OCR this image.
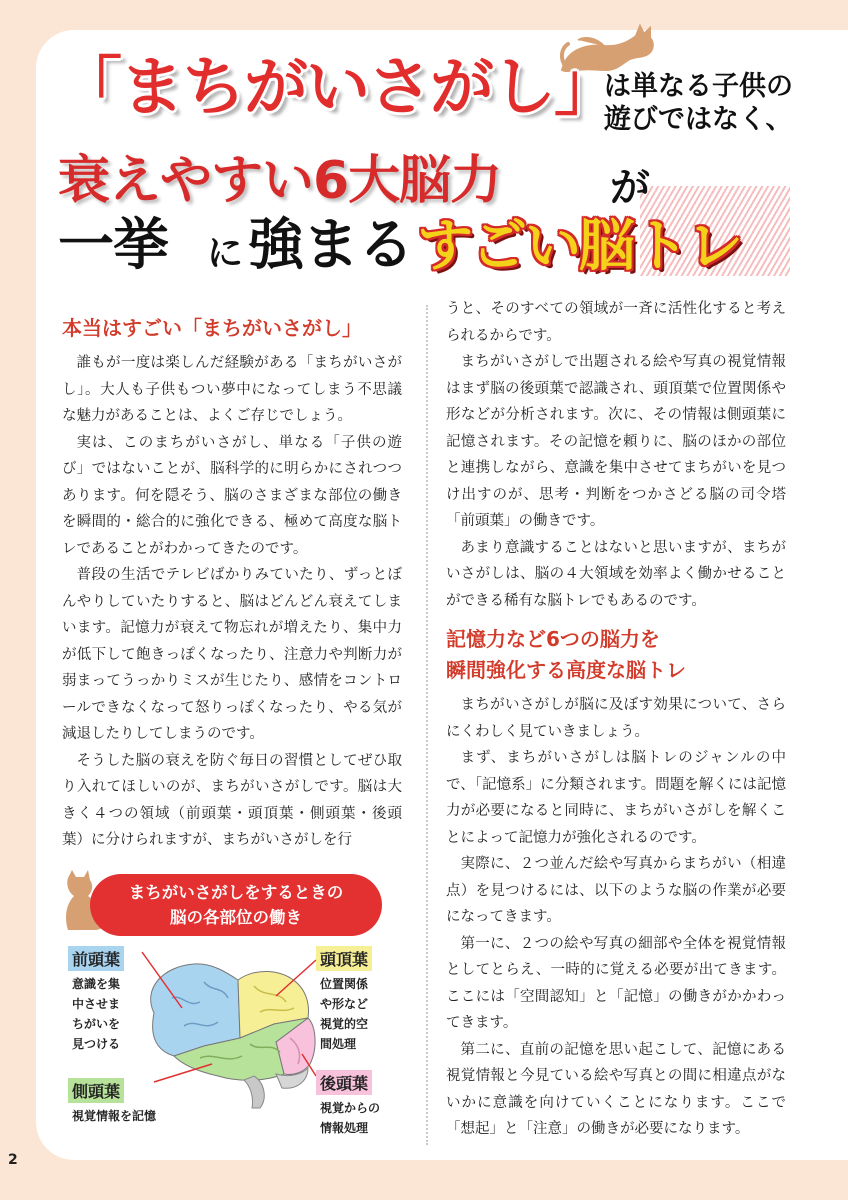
「まちがいさがし」
は単なる子供の遊びではなく、
衰えやすい6大脳力	が
一挙 に 強まる すごい脳トレ
本当はすごい「まちがいさがし」

誰もが一度は楽しんだ経験がある「まちがいさがし」。大人も子供もつい夢中になってしまう不思議な魅力があることは、よくご存じでしょう。

実は、このまちがいさがし、単なる「子供の遊び」ではないことが、脳科学的に明らかにされつつあります。何を隠そう、脳のさまざまな部位の働きを瞬間的・総合的に強化できる、極めて高度な脳トレであることがわかってきたのです。

普段の生活でテレビばかりみていたり、ずっとぼんやりしていたりすると、脳はどんどん衰えてしまいます。記憶力が衰えて物忘れが増えたり、集中力が低下して飽きっぽくなったり、注意力や判断力が弱まってうっかりミスが生じたり、感情をコントロールできなくなって怒りっぽくなったり、やる気が減退したりしてしまうのです。

そうした脳の衰えを防ぐ毎日の習慣としてぜひ取り入れてほしいのが、まちがいさがしです。脳は大きく４つの領域（前頭葉・頭頂葉・側頭葉・後頭葉）に分けられますが、まちがいさがしを行

うと、そのすべての領域が一斉に活性化すると考えられるからです。

まちがいさがしで出題される絵や写真の視覚情報はまず脳の後頭葉で認識され、頭頂葉で位置関係や形などが分析されます。次に、その情報は側頭葉に記憶されます。その記憶を頼りに、脳のほかの部位と連携しながら、意識を集中させてまちがいを見つけ出すのが、思考・判断をつかさどる脳の司令塔「前頭葉」の働きです。

あまり意識することはないと思いますが、まちがいさがしは、脳の４大領域を効率よく働かせることができる稀有な脳トレでもあるのです。

記憶力など6つの脳力を
瞬間強化する高度な脳トレ

まちがいさがしが脳に及ぼす効果について、さらにくわしく見ていきましょう。

まず、まちがいさがしは脳トレのジャンルの中で、「記憶系」に分類されます。問題を解くには記憶力が必要になると同時に、まちがいさがしを解くことによって記憶力が強化されるのです。

実際に、２つ並んだ絵や写真からまちがい（相違点）を見つけるには、以下のような脳の作業が必要になってきます。

第一に、２つの絵や写真の細部や全体を視覚情報としてとらえ、一時的に覚える必要が出てきます。ここには「空間認知」と「記憶」の働きがかかわってきます。

第二に、直前の記憶を思い起こして、記憶にある視覚情報と今見ている絵や写真との間に相違点がないかに意識を向けていくことになります。ここで「想起」と「注意」の働きが必要になります。

まちがいさがしをするときの
脳の各部位の働き
前頭葉
意識を集
中させま
ちがいを
見つける
頭頂葉
位置関係
や形など
視覚的空
間処理
側頭葉
視覚情報を記憶
後頭葉
視覚からの
情報処理
2
